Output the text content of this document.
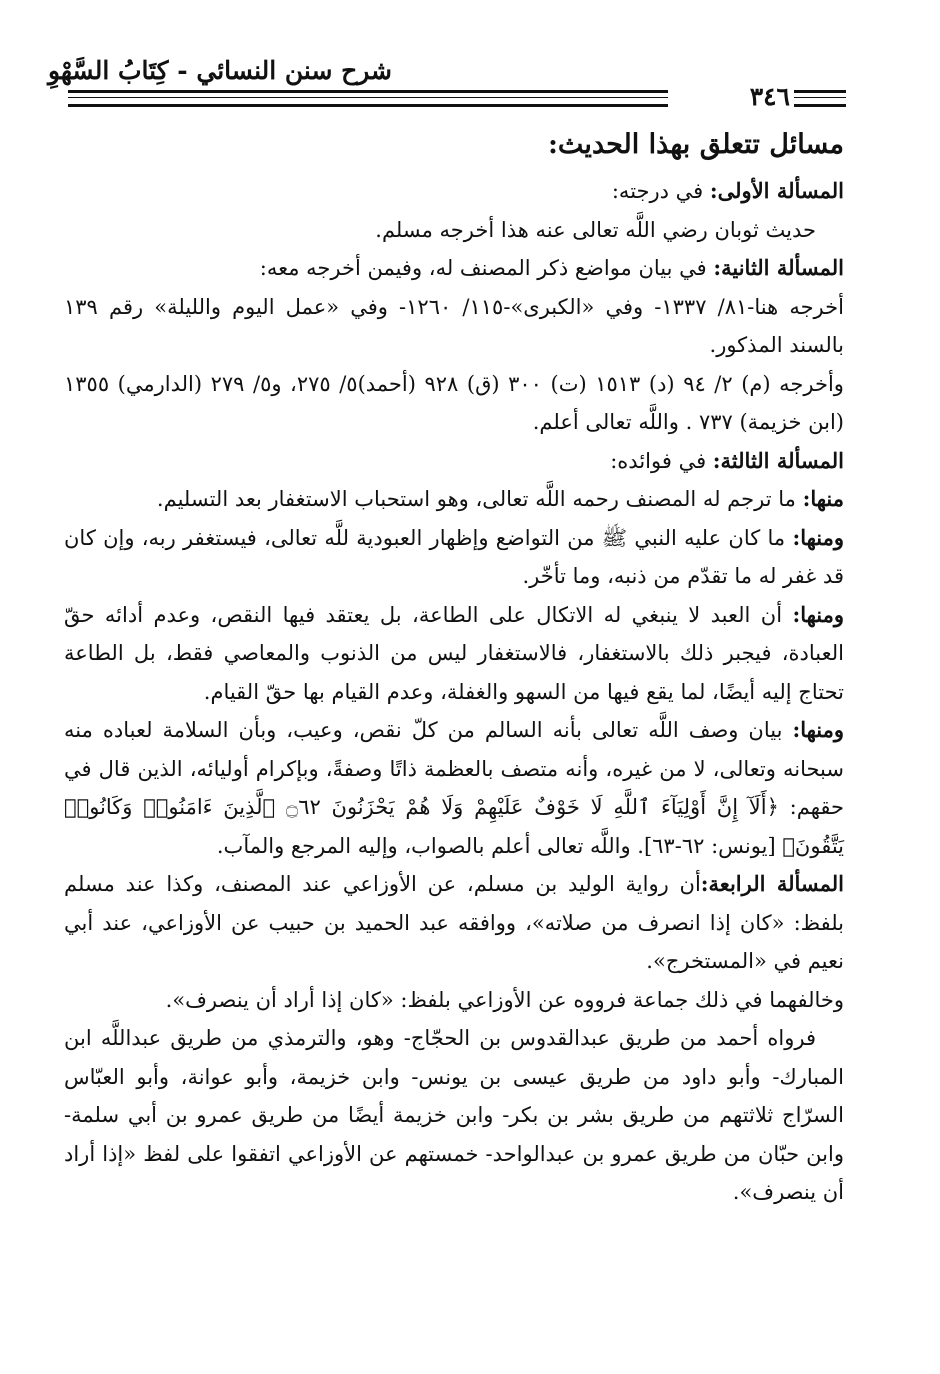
شرح سنن النسائي - كِتَابُ السَّهْوِ
٣٤٦
مسائل تتعلق بهذا الحديث:

المسألة الأولى: في درجته:

حديث ثوبان رضي اللَّه تعالى عنه هذا أخرجه مسلم.

المسألة الثانية: في بيان مواضع ذكر المصنف له، وفيمن أخرجه معه:

أخرجه هنا-٨١/ ١٣٣٧- وفي «الكبرى»-١١٥/ ١٢٦٠- وفي «عمل اليوم والليلة» رقم ١٣٩ بالسند المذكور.

وأخرجه (م) ٢/ ٩٤ (د) ١٥١٣ (ت) ٣٠٠ (ق) ٩٢٨ (أحمد)٥/ ٢٧٥، و٥/ ٢٧٩ (الدارمي) ١٣٥٥ (ابن خزيمة) ٧٣٧ . واللَّه تعالى أعلم.

المسألة الثالثة: في فوائده:

منها: ما ترجم له المصنف رحمه اللَّه تعالى، وهو استحباب الاستغفار بعد التسليم.

ومنها: ما كان عليه النبي ﷺ من التواضع وإظهار العبودية للَّه تعالى، فيستغفر ربه، وإن كان قد غفر له ما تقدّم من ذنبه، وما تأخّر.

ومنها: أن العبد لا ينبغي له الاتكال على الطاعة، بل يعتقد فيها النقص، وعدم أدائه حقّ العبادة، فيجبر ذلك بالاستغفار، فالاستغفار ليس من الذنوب والمعاصي فقط، بل الطاعة تحتاج إليه أيضًا، لما يقع فيها من السهو والغفلة، وعدم القيام بها حقّ القيام.

ومنها: بيان وصف اللَّه تعالى بأنه السالم من كلّ نقص، وعيب، وبأن السلامة لعباده منه سبحانه وتعالى، لا من غيره، وأنه متصف بالعظمة ذاتًا وصفةً، وبإكرام أوليائه، الذين قال في حقهم: ﴿أَلَآ إِنَّ أَوْلِيَآءَ ٱللَّهِ لَا خَوْفٌ عَلَيْهِمْ وَلَا هُمْ يَحْزَنُونَ ۝٦٢ ٱلَّذِينَ ءَامَنُوا۟ وَكَانُوا۟ يَتَّقُونَ﴾ [يونس: ٦٢-٦٣]. واللَّه تعالى أعلم بالصواب، وإليه المرجع والمآب.

المسألة الرابعة:أن رواية الوليد بن مسلم، عن الأوزاعي عند المصنف، وكذا عند مسلم بلفظ: «كان إذا انصرف من صلاته»، ووافقه عبد الحميد بن حبيب عن الأوزاعي، عند أبي نعيم في «المستخرج».

وخالفهما في ذلك جماعة فرووه عن الأوزاعي بلفظ: «كان إذا أراد أن ينصرف».

فرواه أحمد من طريق عبدالقدوس بن الحجّاج- وهو، والترمذي من طريق عبداللَّه ابن المبارك- وأبو داود من طريق عيسى بن يونس- وابن خزيمة، وأبو عوانة، وأبو العبّاس السرّاج ثلاثتهم من طريق بشر بن بكر- وابن خزيمة أيضًا من طريق عمرو بن أبي سلمة- وابن حبّان من طريق عمرو بن عبدالواحد- خمستهم عن الأوزاعي اتفقوا على لفظ «إذا أراد أن ينصرف».
